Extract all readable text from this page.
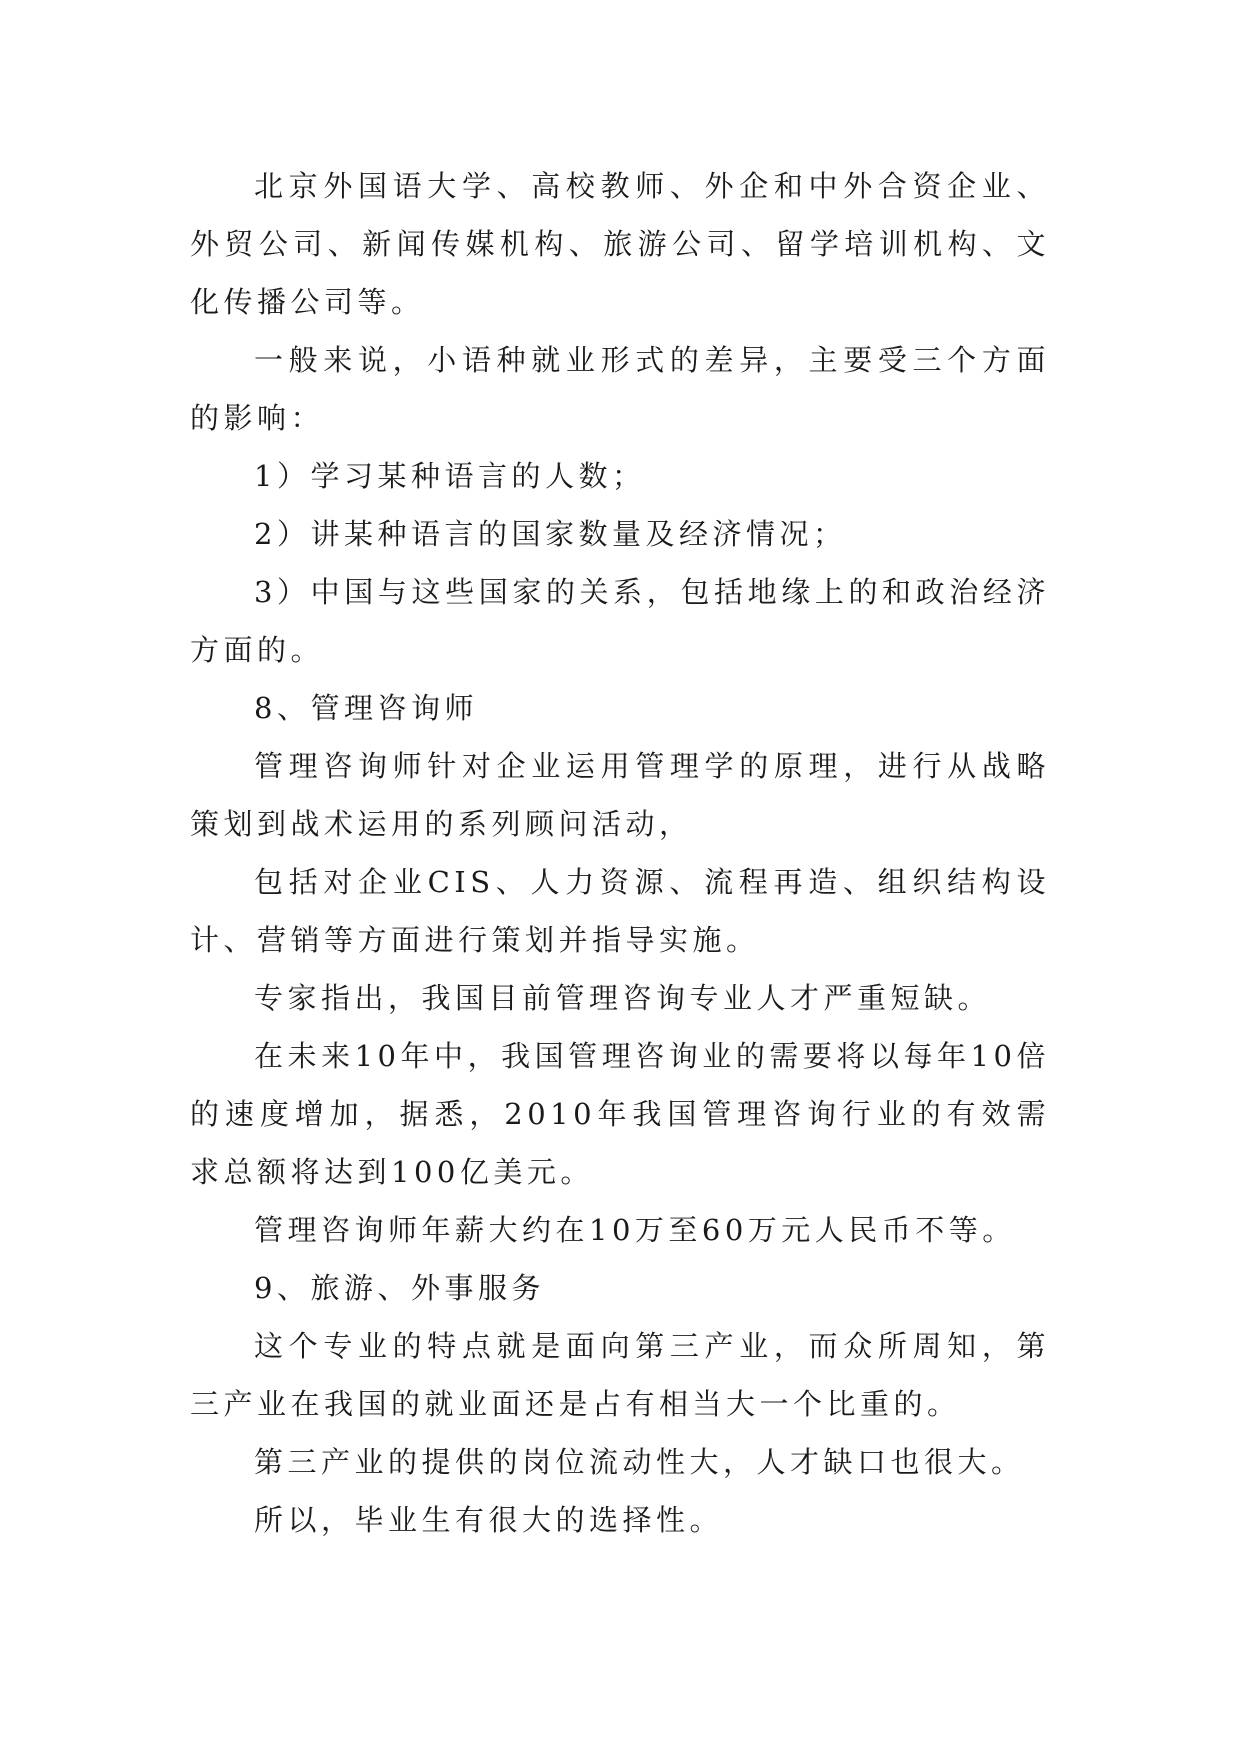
北京外国语大学、高校教师、外企和中外合资企业、外贸公司、新闻传媒机构、旅游公司、留学培训机构、文化传播公司等。

一般来说，小语种就业形式的差异，主要受三个方面的影响：

1）学习某种语言的人数；

2）讲某种语言的国家数量及经济情况；

3）中国与这些国家的关系，包括地缘上的和政治经济方面的。

8、管理咨询师

管理咨询师针对企业运用管理学的原理，进行从战略策划到战术运用的系列顾问活动，

包括对企业CIS、人力资源、流程再造、组织结构设计、营销等方面进行策划并指导实施。

专家指出，我国目前管理咨询专业人才严重短缺。

在未来10年中，我国管理咨询业的需要将以每年10倍的速度增加，据悉，2010年我国管理咨询行业的有效需求总额将达到100亿美元。

管理咨询师年薪大约在10万至60万元人民币不等。

9、旅游、外事服务

这个专业的特点就是面向第三产业，而众所周知，第三产业在我国的就业面还是占有相当大一个比重的。

第三产业的提供的岗位流动性大，人才缺口也很大。

所以，毕业生有很大的选择性。
